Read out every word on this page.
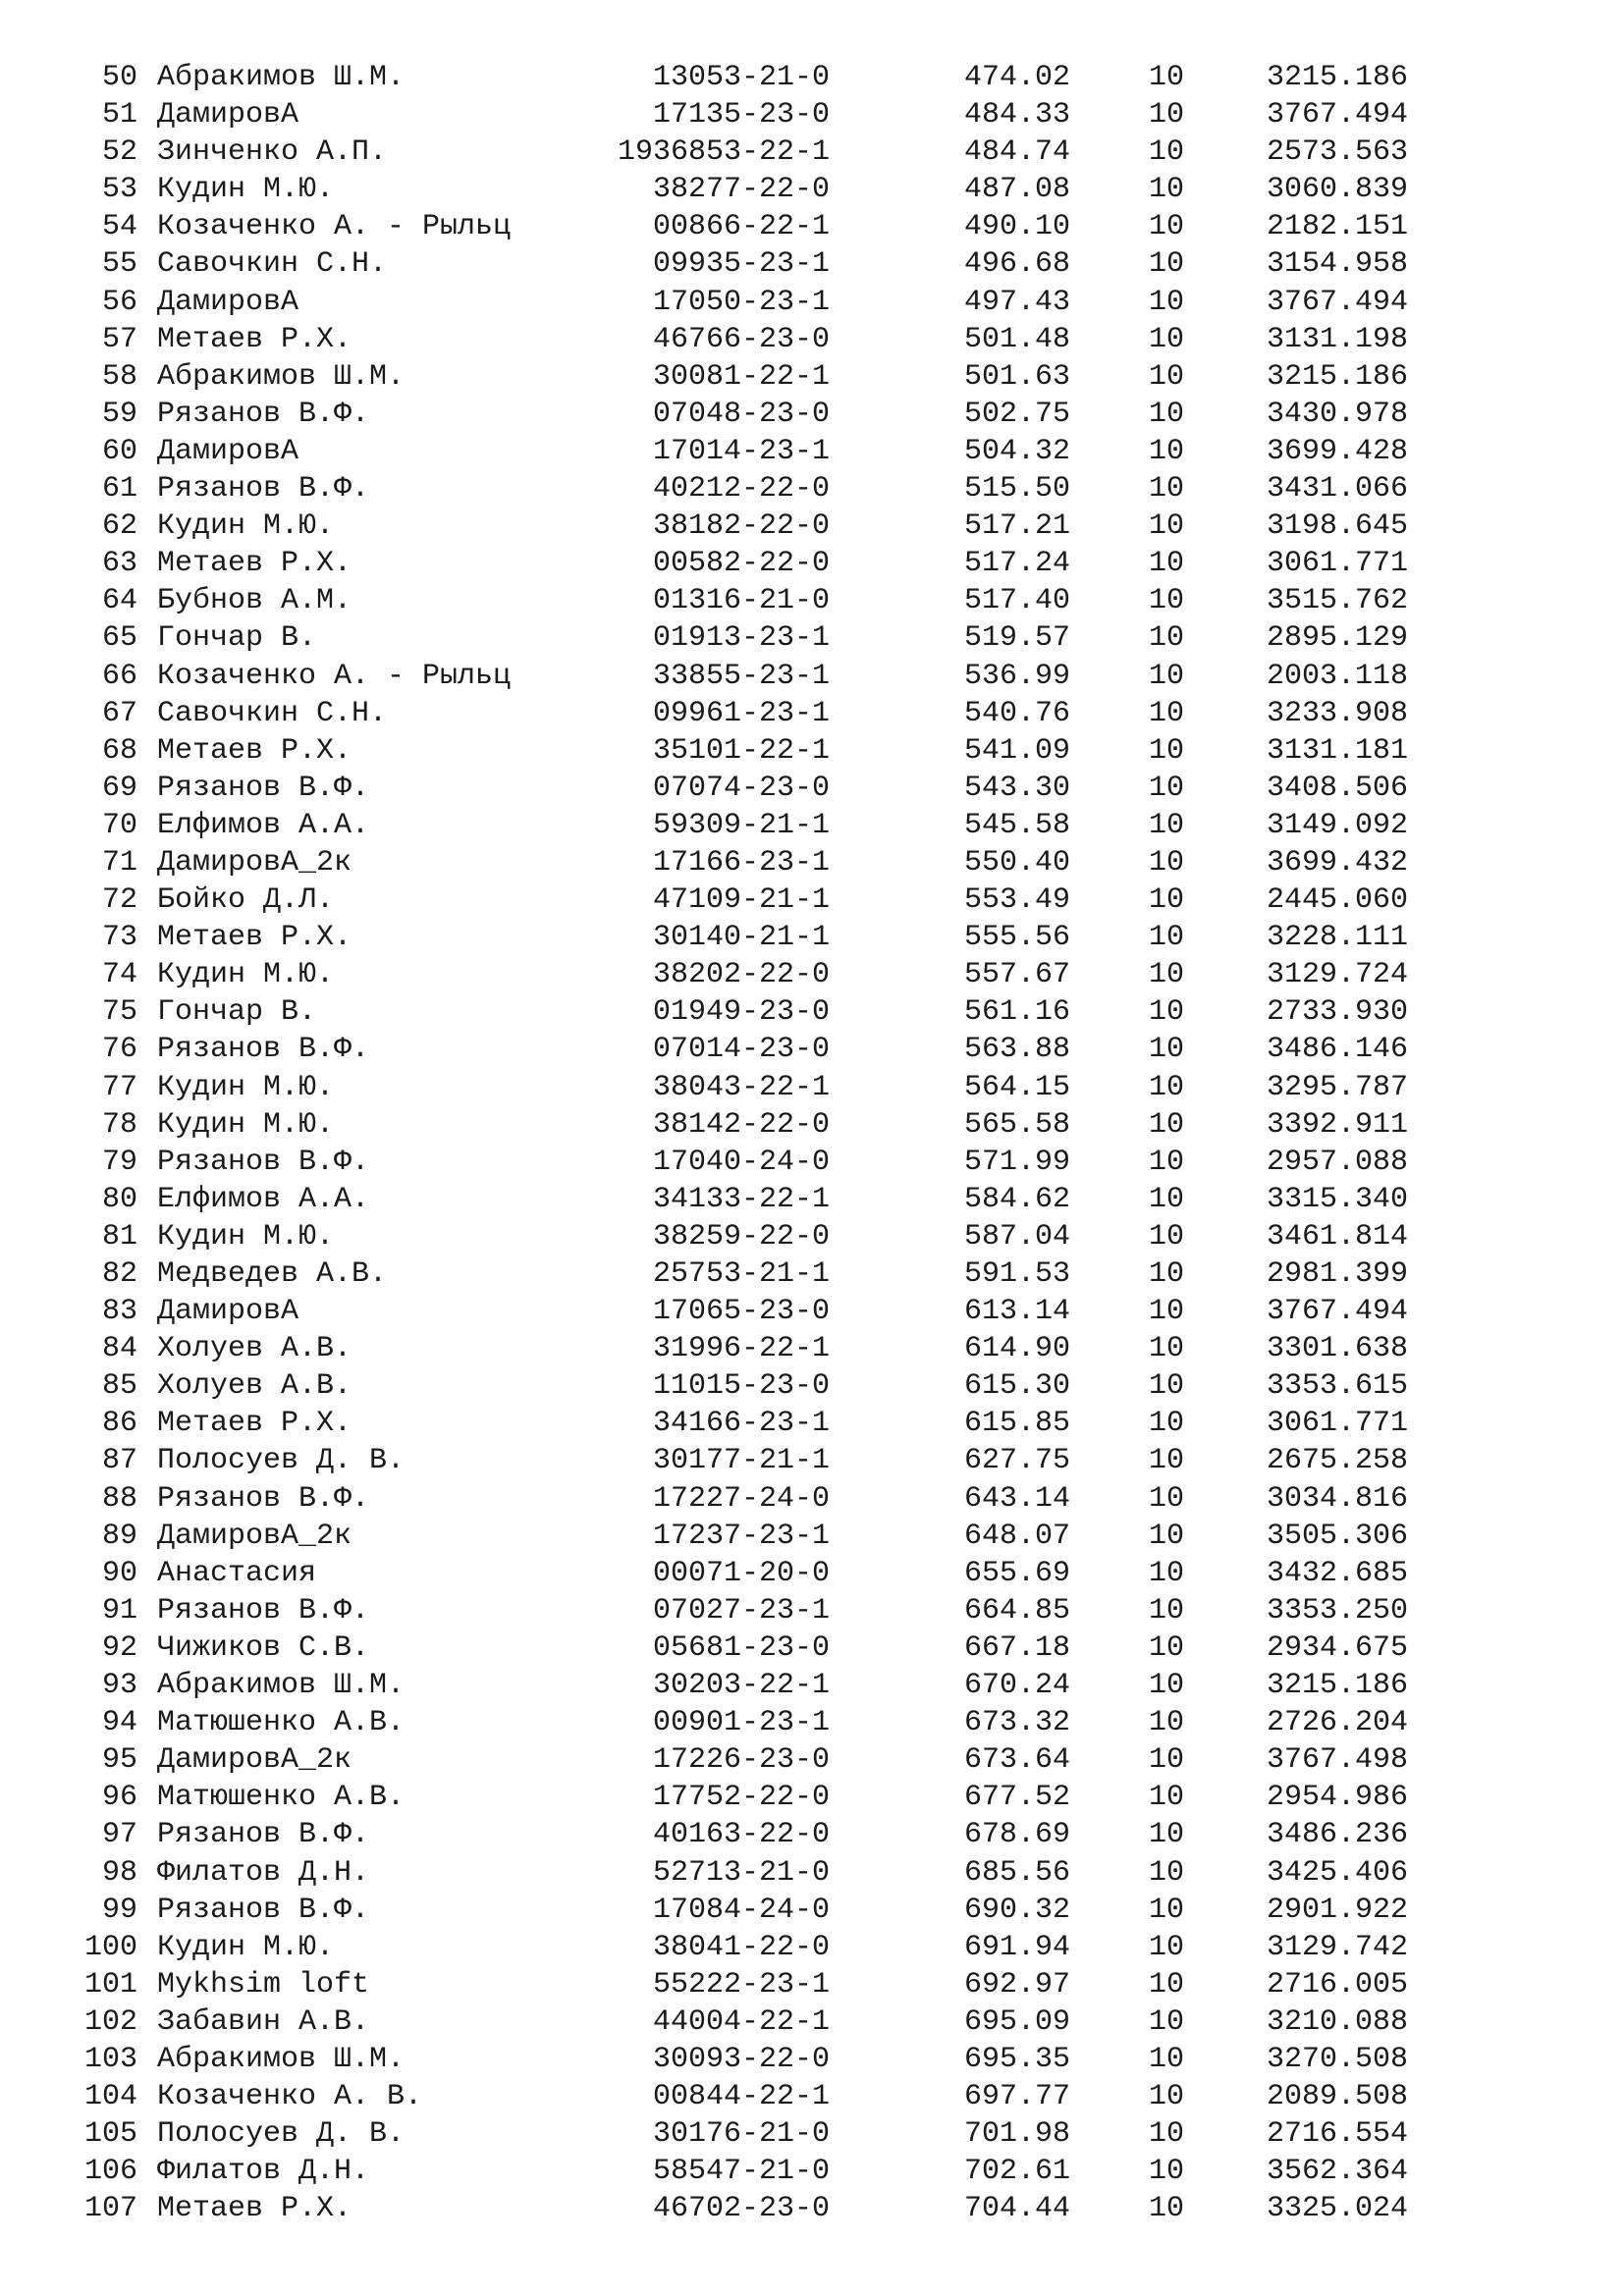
50 Абракимов Ш.М.	13053-21-0	474.02	10	3215.186
51 ДамировА	17135-23-0	484.33	10	3767.494
52 Зинченко А.П.	1936853-22-1	484.74	10	2573.563
53 Кудин М.Ю.	38277-22-0	487.08	10	3060.839
54 Козаченко А. - Рыльц	00866-22-1	490.10	10	2182.151
55 Савочкин С.Н.	09935-23-1	496.68	10	3154.958
56 ДамировА	17050-23-1	497.43	10	3767.494
57 Метаев Р.Х.	46766-23-0	501.48	10	3131.198
58 Абракимов Ш.М.	30081-22-1	501.63	10	3215.186
59 Рязанов В.Ф.	07048-23-0	502.75	10	3430.978
60 ДамировА	17014-23-1	504.32	10	3699.428
61 Рязанов В.Ф.	40212-22-0	515.50	10	3431.066
62 Кудин М.Ю.	38182-22-0	517.21	10	3198.645
63 Метаев Р.Х.	00582-22-0	517.24	10	3061.771
64 Бубнов А.М.	01316-21-0	517.40	10	3515.762
65 Гончар В.	01913-23-1	519.57	10	2895.129
66 Козаченко А. - Рыльц	33855-23-1	536.99	10	2003.118
67 Савочкин С.Н.	09961-23-1	540.76	10	3233.908
68 Метаев Р.Х.	35101-22-1	541.09	10	3131.181
69 Рязанов В.Ф.	07074-23-0	543.30	10	3408.506
70 Елфимов А.А.	59309-21-1	545.58	10	3149.092
71 ДамировА_2к	17166-23-1	550.40	10	3699.432
72 Бойко Д.Л.	47109-21-1	553.49	10	2445.060
73 Метаев Р.Х.	30140-21-1	555.56	10	3228.111
74 Кудин М.Ю.	38202-22-0	557.67	10	3129.724
75 Гончар В.	01949-23-0	561.16	10	2733.930
76 Рязанов В.Ф.	07014-23-0	563.88	10	3486.146
77 Кудин М.Ю.	38043-22-1	564.15	10	3295.787
78 Кудин М.Ю.	38142-22-0	565.58	10	3392.911
79 Рязанов В.Ф.	17040-24-0	571.99	10	2957.088
80 Елфимов А.А.	34133-22-1	584.62	10	3315.340
81 Кудин М.Ю.	38259-22-0	587.04	10	3461.814
82 Медведев А.В.	25753-21-1	591.53	10	2981.399
83 ДамировА	17065-23-0	613.14	10	3767.494
84 Холуев А.В.	31996-22-1	614.90	10	3301.638
85 Холуев А.В.	11015-23-0	615.30	10	3353.615
86 Метаев Р.Х.	34166-23-1	615.85	10	3061.771
87 Полосуев Д. В.	30177-21-1	627.75	10	2675.258
88 Рязанов В.Ф.	17227-24-0	643.14	10	3034.816
89 ДамировА_2к	17237-23-1	648.07	10	3505.306
90 Анастасия	00071-20-0	655.69	10	3432.685
91 Рязанов В.Ф.	07027-23-1	664.85	10	3353.250
92 Чижиков С.В.	05681-23-0	667.18	10	2934.675
93 Абракимов Ш.М.	30203-22-1	670.24	10	3215.186
94 Матюшенко А.В.	00901-23-1	673.32	10	2726.204
95 ДамировА_2к	17226-23-0	673.64	10	3767.498
96 Матюшенко А.В.	17752-22-0	677.52	10	2954.986
97 Рязанов В.Ф.	40163-22-0	678.69	10	3486.236
98 Филатов Д.Н.	52713-21-0	685.56	10	3425.406
99 Рязанов В.Ф.	17084-24-0	690.32	10	2901.922
100 Кудин М.Ю.	38041-22-0	691.94	10	3129.742
101 Mykhsim loft	55222-23-1	692.97	10	2716.005
102 Забавин А.В.	44004-22-1	695.09	10	3210.088
103 Абракимов Ш.М.	30093-22-0	695.35	10	3270.508
104 Козаченко А. В.	00844-22-1	697.77	10	2089.508
105 Полосуев Д. В.	30176-21-0	701.98	10	2716.554
106 Филатов Д.Н.	58547-21-0	702.61	10	3562.364
107 Метаев Р.Х.	46702-23-0	704.44	10	3325.024
